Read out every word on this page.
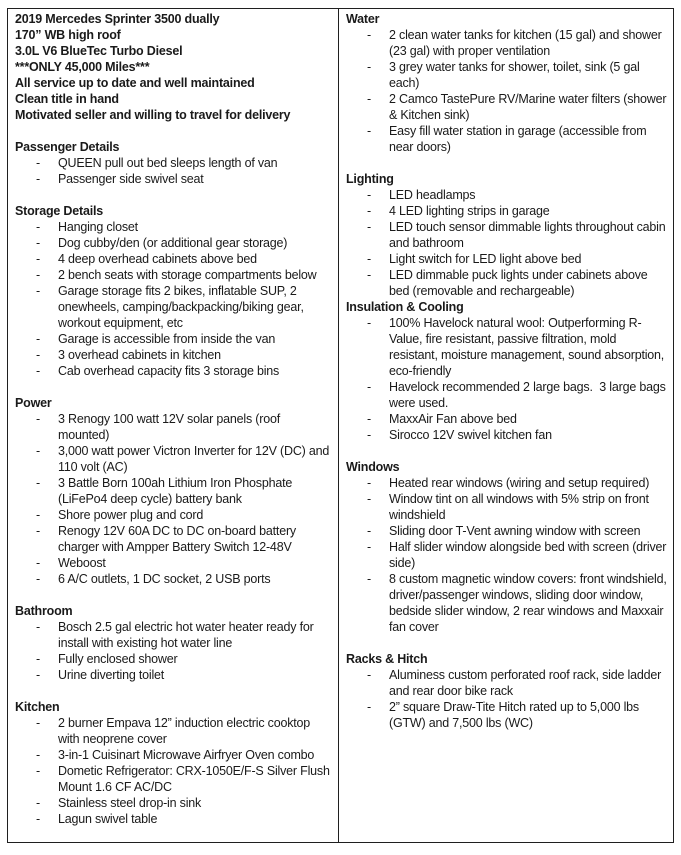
2019 Mercedes Sprinter 3500 dually
170” WB high roof
3.0L V6 BlueTec Turbo Diesel
***ONLY 45,000 Miles***
All service up to date and well maintained
Clean title in hand
Motivated seller and willing to travel for delivery
Passenger Details
-	QUEEN pull out bed sleeps length of van
-	Passenger side swivel seat
Storage Details
-	Hanging closet
-	Dog cubby/den (or additional gear storage)
-	4 deep overhead cabinets above bed
-	2 bench seats with storage compartments below
-	Garage storage fits 2 bikes, inflatable SUP, 2 onewheels, camping/backpacking/biking gear, workout equipment, etc
-	Garage is accessible from inside the van
-	3 overhead cabinets in kitchen
-	Cab overhead capacity fits 3 storage bins
Power
-	3 Renogy 100 watt 12V solar panels (roof mounted)
-	3,000 watt power Victron Inverter for 12V (DC) and 110 volt (AC)
-	3 Battle Born 100ah Lithium Iron Phosphate (LiFePo4 deep cycle) battery bank
-	Shore power plug and cord
-	Renogy 12V 60A DC to DC on-board battery charger with Ampper Battery Switch 12-48V
-	Weboost
-	6 A/C outlets, 1 DC socket, 2 USB ports
Bathroom
-	Bosch 2.5 gal electric hot water heater ready for install with existing hot water line
-	Fully enclosed shower
-	Urine diverting toilet
Kitchen
-	2 burner Empava 12” induction electric cooktop with neoprene cover
-	3-in-1 Cuisinart Microwave Airfryer Oven combo
-	Dometic Refrigerator: CRX-1050E/F-S Silver Flush Mount 1.6 CF AC/DC
-	Stainless steel drop-in sink
-	Lagun swivel table
Water
-	2 clean water tanks for kitchen (15 gal) and shower (23 gal) with proper ventilation
-	3 grey water tanks for shower, toilet, sink (5 gal each)
-	2 Camco TastePure RV/Marine water filters (shower & Kitchen sink)
-	Easy fill water station in garage (accessible from near doors)
Lighting
-	LED headlamps
-	4 LED lighting strips in garage
-	LED touch sensor dimmable lights throughout cabin and bathroom
-	Light switch for LED light above bed
-	LED dimmable puck lights under cabinets above bed (removable and rechargeable)
Insulation & Cooling
-	100% Havelock natural wool: Outperforming R-Value, fire resistant, passive filtration, mold resistant, moisture management, sound absorption, eco-friendly
-	Havelock recommended 2 large bags.  3 large bags were used.
-	MaxxAir Fan above bed
-	Sirocco 12V swivel kitchen fan
Windows
-	Heated rear windows (wiring and setup required)
-	Window tint on all windows with 5% strip on front windshield
-	Sliding door T-Vent awning window with screen
-	Half slider window alongside bed with screen (driver side)
-	8 custom magnetic window covers: front windshield, driver/passenger windows, sliding door window, bedside slider window, 2 rear windows and Maxxair fan cover
Racks & Hitch
-	Aluminess custom perforated roof rack, side ladder and rear door bike rack
-	2” square Draw-Tite Hitch rated up to 5,000 lbs (GTW) and 7,500 lbs (WC)
